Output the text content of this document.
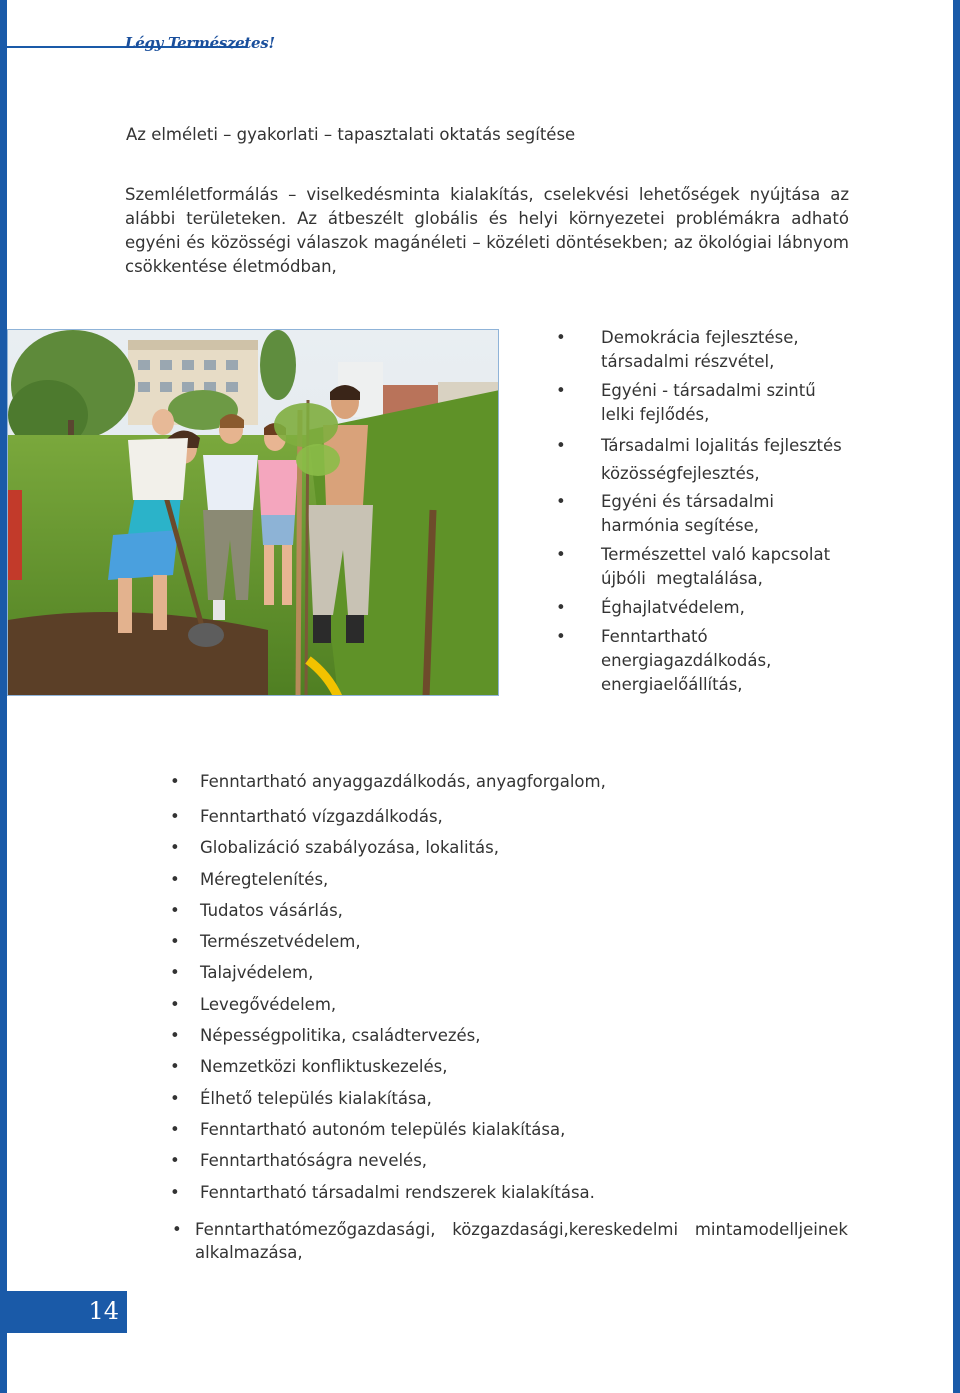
Légy Természetes!
Az elméleti – gyakorlati – tapasztalati oktatás segítése

Szemléletformálás – viselkedésminta kialakítás, cselekvési lehetőségek nyújtása az alábbi területeken. Az átbeszélt globális és helyi környezetei problémákra adható egyéni és közösségi válaszok magánéleti – közéleti döntésekben; az ökológiai lábnyom csökkentése életmódban,

• Demokrácia fejlesztése,
társadalmi részvétel,
• Egyéni - társadalmi szintű
lelki fejlődés,
• Társadalmi lojalitás fejlesztés
közösségfejlesztés,
• Egyéni és társadalmi
harmónia segítése,
• Természettel való kapcsolat
újbóli  megtalálása,
• Éghajlatvédelem,
• Fenntartható
energiagazdálkodás,
energiaelőállítás,
• Fenntartható anyaggazdálkodás, anyagforgalom,
• Fenntartható vízgazdálkodás,
• Globalizáció szabályozása, lokalitás,
• Méregtelenítés,
• Tudatos vásárlás,
• Természetvédelem,
• Talajvédelem,
• Levegővédelem,
• Népességpolitika, családtervezés,
• Nemzetközi konfliktuskezelés,
• Élhető település kialakítása,
• Fenntartható autonóm település kialakítása,
• Fenntarthatóságra nevelés,
• Fenntartható társadalmi rendszerek kialakítása.
• Fenntarthatómezőgazdasági, közgazdasági,kereskedelmi mintamodelljeinek
alkalmazása,
14
